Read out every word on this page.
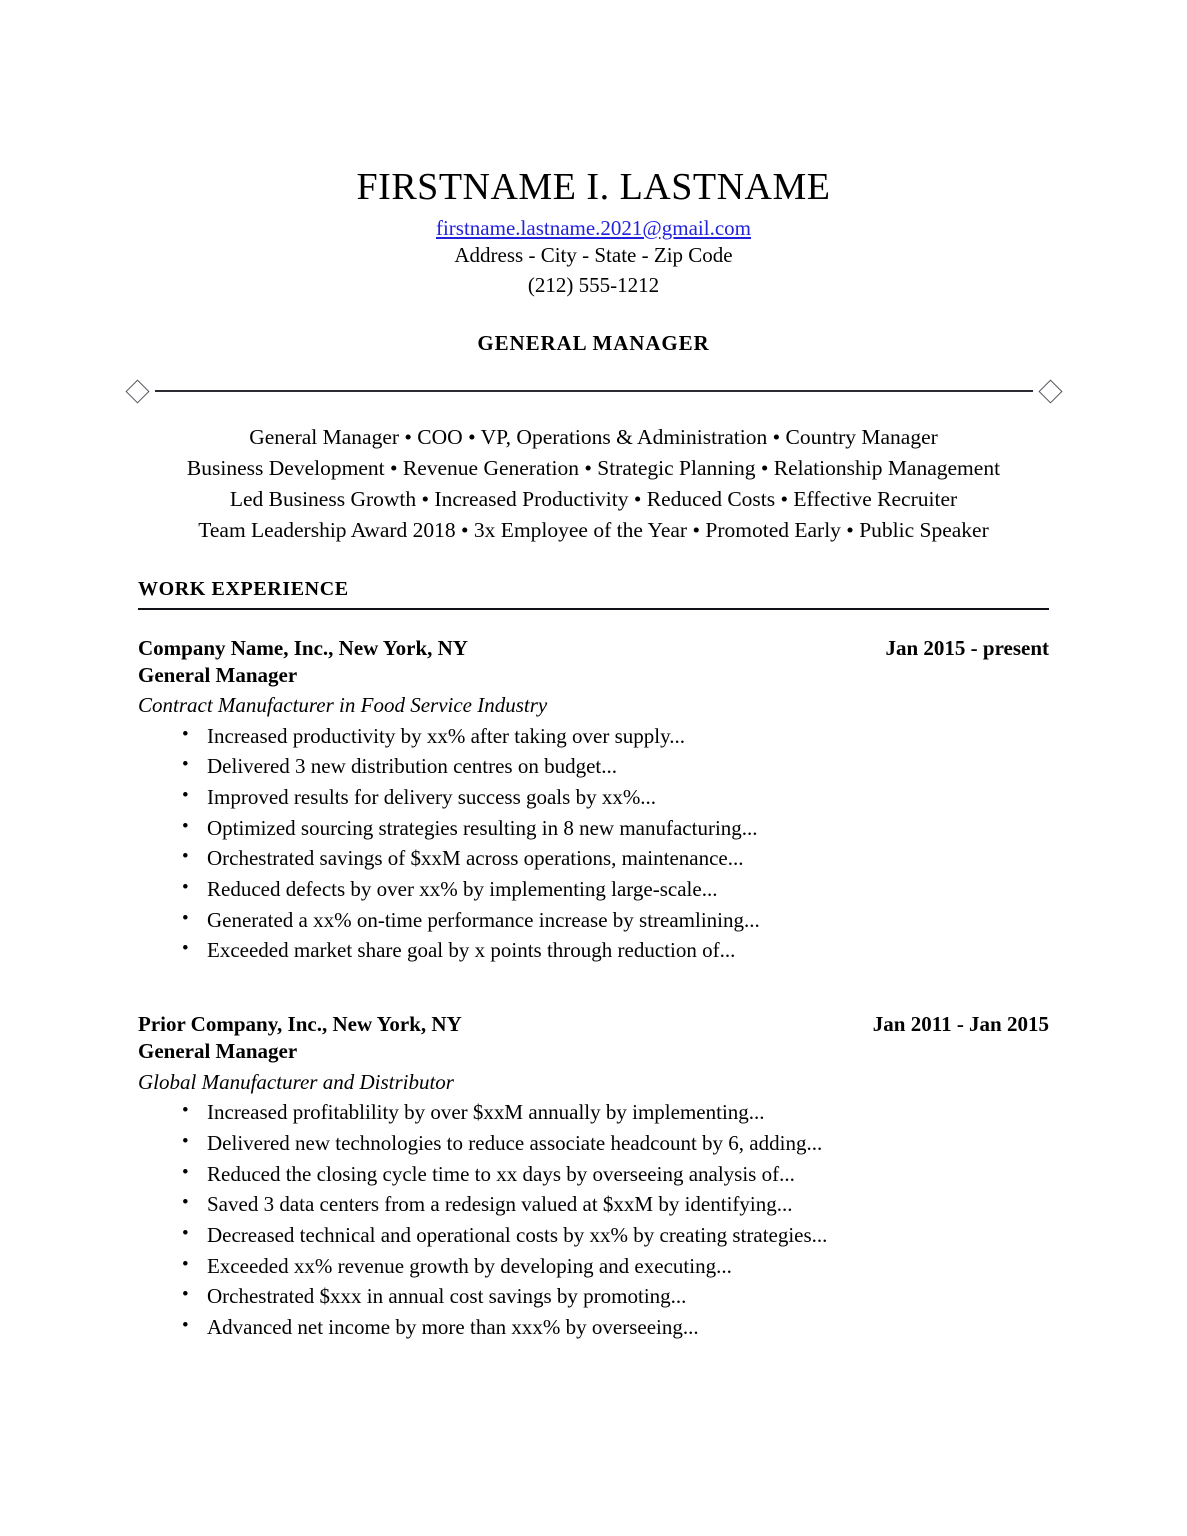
FIRSTNAME I. LASTNAME
firstname.lastname.2021@gmail.com
Address - City - State - Zip Code
(212) 555-1212
GENERAL MANAGER
General Manager • COO • VP, Operations & Administration • Country Manager
Business Development • Revenue Generation • Strategic Planning • Relationship Management
Led Business Growth • Increased Productivity • Reduced Costs • Effective Recruiter
Team Leadership Award 2018 • 3x Employee of the Year • Promoted Early • Public Speaker
WORK EXPERIENCE
Company Name, Inc., New York, NY	Jan 2015 - present
General Manager
Contract Manufacturer in Food Service Industry
• Increased productivity by xx% after taking over supply...
• Delivered 3 new distribution centres on budget...
• Improved results for delivery success goals by xx%...
• Optimized sourcing strategies resulting in 8 new manufacturing...
• Orchestrated savings of $xxM across operations, maintenance...
• Reduced defects by over xx% by implementing large-scale...
• Generated a xx% on-time performance increase by streamlining...
• Exceeded market share goal by x points through reduction of...
Prior Company, Inc., New York, NY	Jan 2011 - Jan 2015
General Manager
Global Manufacturer and Distributor
• Increased profitablility by over $xxM annually by implementing...
• Delivered new technologies to reduce associate headcount by 6, adding...
• Reduced the closing cycle time to xx days by overseeing analysis of...
• Saved 3 data centers from a redesign valued at $xxM by identifying...
• Decreased technical and operational costs by xx% by creating strategies...
• Exceeded xx% revenue growth by developing and executing...
• Orchestrated $xxx in annual cost savings by promoting...
• Advanced net income by more than xxx% by overseeing...
